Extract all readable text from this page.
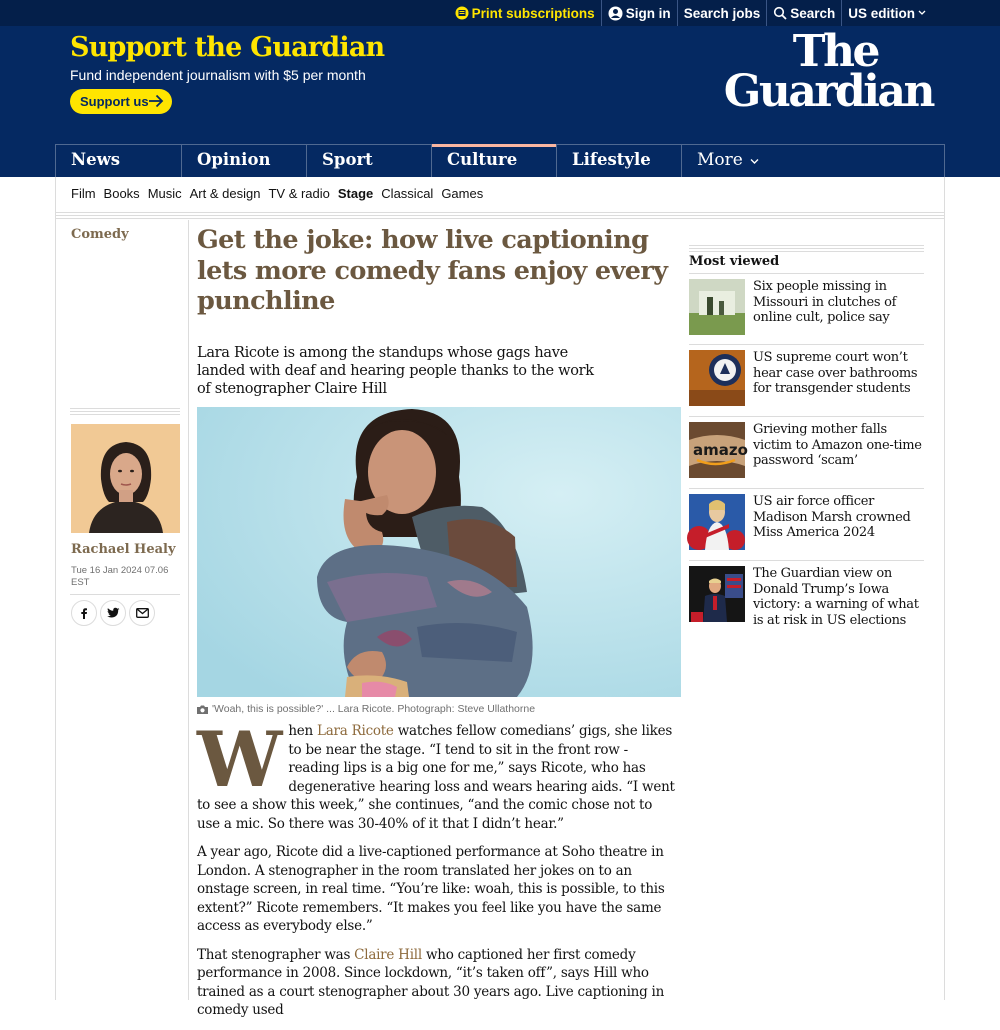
Print subscriptions Sign in Search jobs Search US edition
Support the Guardian
Fund independent journalism with $5 per month
Support us
The
Guardian
News	Opinion	Sport	Culture	Lifestyle	More
Film Books Music Art & design TV & radio Stage Classical Games
Comedy
Rachael Healy
Tue 16 Jan 2024 07.06 EST
Get the joke: how live captioning lets more comedy fans enjoy every punchline
Lara Ricote is among the standups whose gags have landed with deaf and hearing people thanks to the work of stenographer Claire Hill
'Woah, this is possible?' ... Lara Ricote. Photograph: Steve Ullathorne

When Lara Ricote watches fellow comedians’ gigs, she likes to be near the stage. “I tend to sit in the front row - reading lips is a big one for me,” says Ricote, who has degenerative hearing loss and wears hearing aids. “I went to see a show this week,” she continues, “and the comic chose not to use a mic. So there was 30-40% of it that I didn’t hear.”

A year ago, Ricote did a live-captioned performance at Soho theatre in London. A stenographer in the room translated her jokes on to an onstage screen, in real time. “You’re like: woah, this is possible, to this extent?” Ricote remembers. “It makes you feel like you have the same access as everybody else.”

That stenographer was Claire Hill who captioned her first comedy performance in 2008. Since lockdown, “it’s taken off”, says Hill who trained as a court stenographer about 30 years ago. Live captioning in comedy used

Most viewed
Six people missing in Missouri in clutches of online cult, police say
US supreme court won’t hear case over bathrooms for transgender students
amazo
Grieving mother falls victim to Amazon one-time password ‘scam’
US air force officer Madison Marsh crowned Miss America 2024
The Guardian view on Donald Trump’s Iowa victory: a warning of what is at risk in US elections
